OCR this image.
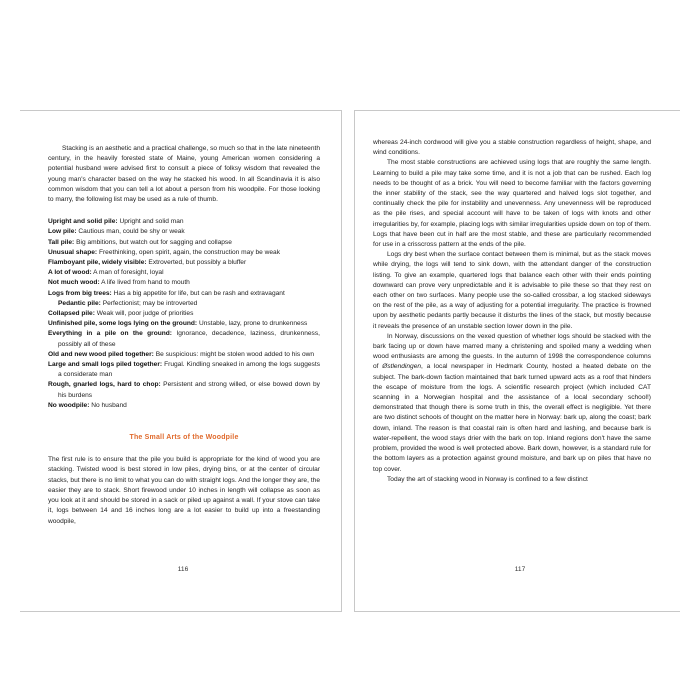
Stacking is an aesthetic and a practical challenge, so much so that in the late nineteenth century, in the heavily forested state of Maine, young American women considering a potential husband were advised first to consult a piece of folksy wisdom that revealed the young man's character based on the way he stacked his wood. In all Scandinavia it is also common wisdom that you can tell a lot about a person from his woodpile. For those looking to marry, the following list may be used as a rule of thumb.

Upright and solid pile: Upright and solid man

Low pile: Cautious man, could be shy or weak

Tall pile: Big ambitions, but watch out for sagging and collapse

Unusual shape: Freethinking, open spirit, again, the construction may be weak

Flamboyant pile, widely visible: Extroverted, but possibly a bluffer

A lot of wood: A man of foresight, loyal

Not much wood: A life lived from hand to mouth

Logs from big trees: Has a big appetite for life, but can be rash and extravagant

Pedantic pile: Perfectionist; may be introverted

Collapsed pile: Weak will, poor judge of priorities

Unfinished pile, some logs lying on the ground: Unstable, lazy, prone to drunkenness

Everything in a pile on the ground: Ignorance, decadence, laziness, drunkenness, possibly all of these

Old and new wood piled together: Be suspicious: might be stolen wood added to his own

Large and small logs piled together: Frugal. Kindling sneaked in among the logs suggests a considerate man

Rough, gnarled logs, hard to chop: Persistent and strong willed, or else bowed down by his burdens

No woodpile: No husband

The Small Arts of the Woodpile

The first rule is to ensure that the pile you build is appropriate for the kind of wood you are stacking. Twisted wood is best stored in low piles, drying bins, or at the center of circular stacks, but there is no limit to what you can do with straight logs. And the longer they are, the easier they are to stack. Short firewood under 10 inches in length will collapse as soon as you look at it and should be stored in a sack or piled up against a wall. If your stove can take it, logs between 14 and 16 inches long are a lot easier to build up into a freestanding woodpile,

116

whereas 24-inch cordwood will give you a stable construction regardless of height, shape, and wind conditions.

The most stable constructions are achieved using logs that are roughly the same length. Learning to build a pile may take some time, and it is not a job that can be rushed. Each log needs to be thought of as a brick. You will need to become familiar with the factors governing the inner stability of the stack, see the way quartered and halved logs slot together, and continually check the pile for instability and unevenness. Any unevenness will be reproduced as the pile rises, and special account will have to be taken of logs with knots and other irregularities by, for example, placing logs with similar irregularities upside down on top of them. Logs that have been cut in half are the most stable, and these are particularly recommended for use in a crisscross pattern at the ends of the pile.

Logs dry best when the surface contact between them is minimal, but as the stack moves while drying, the logs will tend to sink down, with the attendant danger of the construction listing. To give an example, quartered logs that balance each other with their ends pointing downward can prove very unpredictable and it is advisable to pile these so that they rest on each other on two surfaces. Many people use the so-called crossbar, a log stacked sideways on the rest of the pile, as a way of adjusting for a potential irregularity. The practice is frowned upon by aesthetic pedants partly because it disturbs the lines of the stack, but mostly because it reveals the presence of an unstable section lower down in the pile.

In Norway, discussions on the vexed question of whether logs should be stacked with the bark facing up or down have marred many a christening and spoiled many a wedding when wood enthusiasts are among the guests. In the autumn of 1998 the correspondence columns of Østlendingen, a local newspaper in Hedmark County, hosted a heated debate on the subject. The bark-down faction maintained that bark turned upward acts as a roof that hinders the escape of moisture from the logs. A scientific research project (which included CAT scanning in a Norwegian hospital and the assistance of a local secondary school!) demonstrated that though there is some truth in this, the overall effect is negligible. Yet there are two distinct schools of thought on the matter here in Norway: bark up, along the coast; bark down, inland. The reason is that coastal rain is often hard and lashing, and because bark is water-repellent, the wood stays drier with the bark on top. Inland regions don't have the same problem, provided the wood is well protected above. Bark down, however, is a standard rule for the bottom layers as a protection against ground moisture, and bark up on piles that have no top cover.

Today the art of stacking wood in Norway is confined to a few distinct

117
